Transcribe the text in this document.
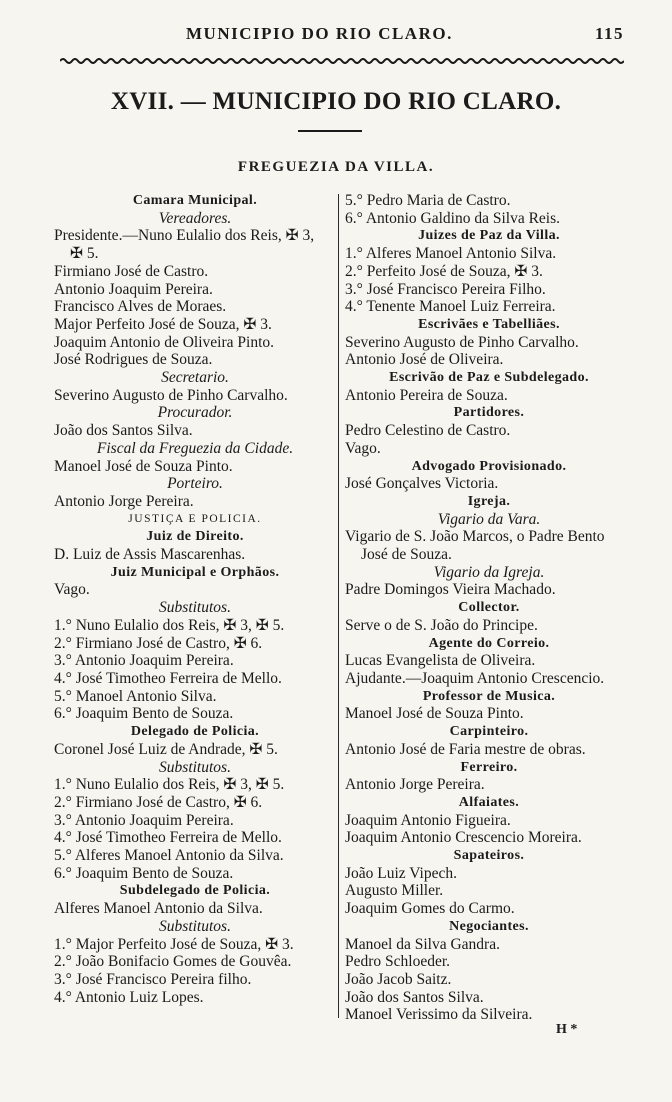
MUNICIPIO DO RIO CLARO.	115
XVII. — MUNICIPIO DO RIO CLARO.
FREGUEZIA DA VILLA.
Camara Municipal.
Vereadores.
Presidente.—Nuno Eulalio dos Reis, ✠ 3,
✠ 5.
Firmiano José de Castro.
Antonio Joaquim Pereira.
Francisco Alves de Moraes.
Major Perfeito José de Souza, ✠ 3.
Joaquim Antonio de Oliveira Pinto.
José Rodrigues de Souza.
Secretario.
Severino Augusto de Pinho Carvalho.
Procurador.
João dos Santos Silva.
Fiscal da Freguezia da Cidade.
Manoel José de Souza Pinto.
Porteiro.
Antonio Jorge Pereira.
JUSTIÇA E POLICIA.
Juiz de Direito.
D. Luiz de Assis Mascarenhas.
Juiz Municipal e Orphãos.
Vago.
Substitutos.
1.° Nuno Eulalio dos Reis, ✠ 3, ✠ 5.
2.° Firmiano José de Castro, ✠ 6.
3.° Antonio Joaquim Pereira.
4.° José Timotheo Ferreira de Mello.
5.° Manoel Antonio Silva.
6.° Joaquim Bento de Souza.
Delegado de Policia.
Coronel José Luiz de Andrade, ✠ 5.
Substitutos.
1.° Nuno Eulalio dos Reis, ✠ 3, ✠ 5.
2.° Firmiano José de Castro, ✠ 6.
3.° Antonio Joaquim Pereira.
4.° José Timotheo Ferreira de Mello.
5.° Alferes Manoel Antonio da Silva.
6.° Joaquim Bento de Souza.
Subdelegado de Policia.
Alferes Manoel Antonio da Silva.
Substitutos.
1.° Major Perfeito José de Souza, ✠ 3.
2.° João Bonifacio Gomes de Gouvêa.
3.° José Francisco Pereira filho.
4.° Antonio Luiz Lopes.
5.° Pedro Maria de Castro.
6.° Antonio Galdino da Silva Reis.
Juizes de Paz da Villa.
1.° Alferes Manoel Antonio Silva.
2.° Perfeito José de Souza, ✠ 3.
3.° José Francisco Pereira Filho.
4.° Tenente Manoel Luiz Ferreira.
Escrivães e Tabelliães.
Severino Augusto de Pinho Carvalho.
Antonio José de Oliveira.
Escrivão de Paz e Subdelegado.
Antonio Pereira de Souza.
Partidores.
Pedro Celestino de Castro.
Vago.
Advogado Provisionado.
José Gonçalves Victoria.
Igreja.
Vigario da Vara.
Vigario de S. João Marcos, o Padre Bento
José de Souza.
Vigario da Igreja.
Padre Domingos Vieira Machado.
Collector.
Serve o de S. João do Principe.
Agente do Correio.
Lucas Evangelista de Oliveira.
Ajudante.—Joaquim Antonio Crescencio.
Professor de Musica.
Manoel José de Souza Pinto.
Carpinteiro.
Antonio José de Faria mestre de obras.
Ferreiro.
Antonio Jorge Pereira.
Alfaiates.
Joaquim Antonio Figueira.
Joaquim Antonio Crescencio Moreira.
Sapateiros.
João Luiz Vipech.
Augusto Miller.
Joaquim Gomes do Carmo.
Negociantes.
Manoel da Silva Gandra.
Pedro Schloeder.
João Jacob Saitz.
João dos Santos Silva.
Manoel Verissimo da Silveira.
H *
